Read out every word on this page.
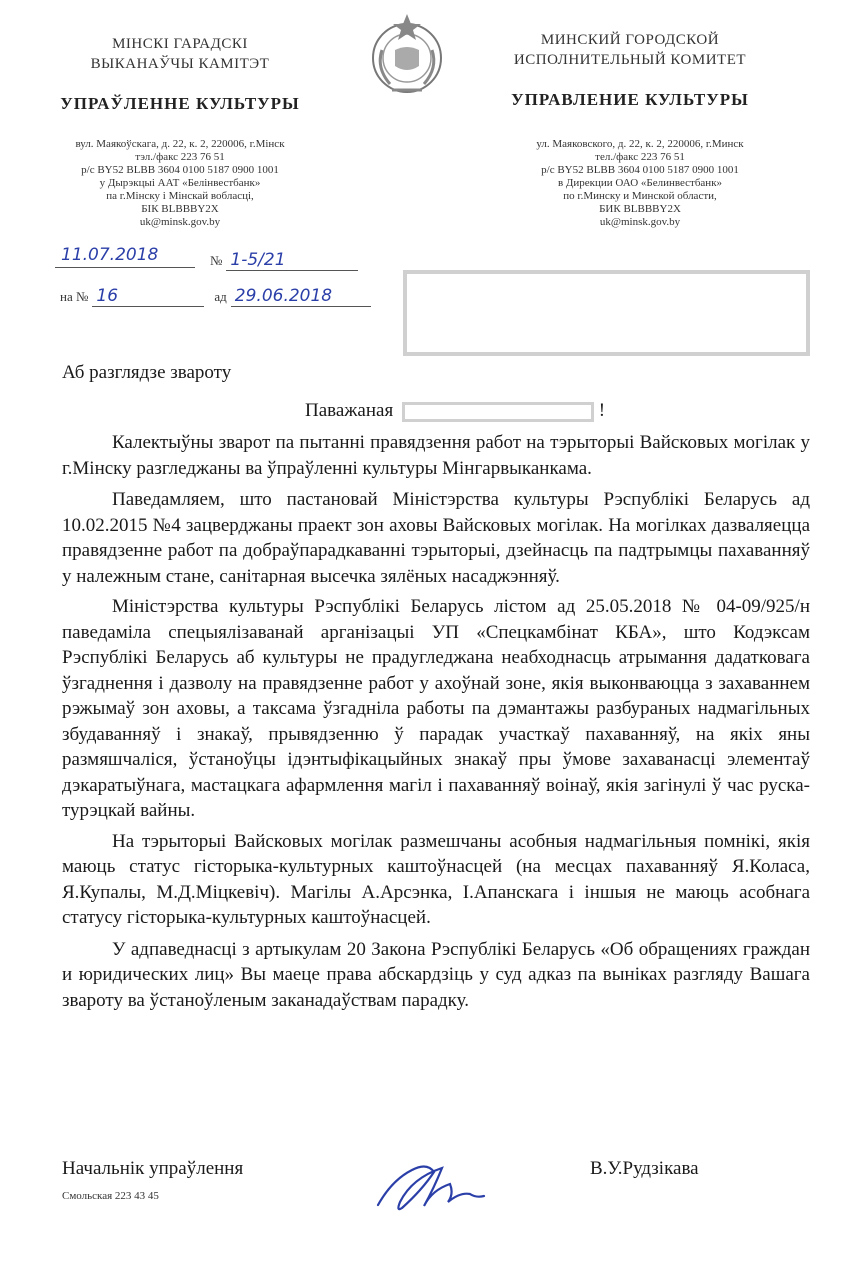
МІНСКІ ГАРАДСКІ
ВЫКАНАЎЧЫ КАМІТЭТ
УПРАЎЛЕННЕ КУЛЬТУРЫ
вул. Маякоўскага, д. 22, к. 2, 220006, г.Мінск
тэл./факс 223 76 51
р/с BY52 BLBB 3604 0100 5187 0900 1001
у Дырэкцыі ААТ «Белінвестбанк»
па г.Мінску і Мінскай вобласці,
БІК BLBBBY2X
uk@minsk.gov.by
МИНСКИЙ ГОРОДСКОЙ
ИСПОЛНИТЕЛЬНЫЙ КОМИТЕТ
УПРАВЛЕНИЕ КУЛЬТУРЫ
ул. Маяковского, д. 22, к. 2, 220006, г.Минск
тел./факс 223 76 51
р/с BY52 BLBB 3604 0100 5187 0900 1001
в Дирекции ОАО «Белинвестбанк»
по г.Минску и Минской области,
БИК BLBBBY2X
uk@minsk.gov.by
11.07.2018	№ 1-5/21
на № 16	ад 29.06.2018
Аб разглядзе звароту
Паважаная	!
Калектыўны зварот па пытанні правядзення работ на тэрыторыі Вайсковых могілак у г.Мінску разгледжаны ва ўпраўленні культуры Мінгарвыканкама.
Паведамляем, што пастановай Міністэрства культуры Рэспублікі Беларусь ад 10.02.2015 №4 зацверджаны праект зон аховы Вайсковых могілак. На могілках дазваляецца правядзенне работ па добраўпарадкаванні тэрыторыі, дзейнасць па падтрымцы пахаванняў у належным стане, санітарная высечка зялёных насаджэнняў.
Міністэрства культуры Рэспублікі Беларусь лістом ад 25.05.2018 № 04-09/925/н паведаміла спецыялізаванай арганізацыі УП «Спецкамбінат КБА», што Кодэксам Рэспублікі Беларусь аб культуры не прадугледжана неабходнасць атрымання дадатковага ўзгаднення і дазволу на правядзенне работ у ахоўнай зоне, якія выконваюцца з захаваннем рэжымаў зон аховы, а таксама ўзгадніла работы па дэмантажы разбураных надмагільных збудаванняў і знакаў, прывядзенню ў парадак участкаў пахаванняў, на якіх яны размяшчаліся, ўстаноўцы ідэнтыфікацыйных знакаў пры ўмове захаванасці элементаў дэкаратыўнага, мастацкага афармлення магіл і пахаванняў воінаў, якія загінулі ў час руска-турэцкай вайны.
На тэрыторыі Вайсковых могілак размешчаны асобныя надмагільныя помнікі, якія маюць статус гісторыка-культурных каштоўнасцей (на месцах пахаванняў Я.Коласа, Я.Купалы, М.Д.Міцкевіч). Магілы А.Арсэнка, І.Апанскага і іншыя не маюць асобнага статусу гісторыка-культурных каштоўнасцей.
У адпаведнасці з артыкулам 20 Закона Рэспублікі Беларусь «Об обращениях граждан и юридических лиц» Вы маеце права абскардзіць у суд адказ па выніках разгляду Вашага звароту ва ўстаноўленым заканадаўствам парадку.
Начальнік упраўлення	В.У.Рудзікава
Смольская 223 43 45
